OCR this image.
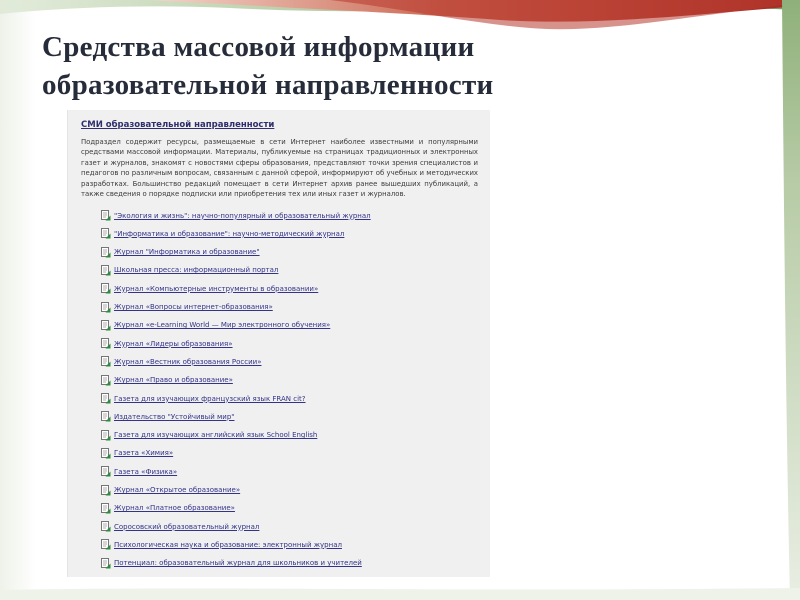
Средства массовой информации
образовательной направленности
СМИ образовательной направленности

Подраздел содержит ресурсы, размещаемые в сети Интернет наиболее известными и популярными средствами массовой информации. Материалы, публикуемые на страницах традиционных и электронных газет и журналов, знакомят с новостями сферы образования, представляют точки зрения специалистов и педагогов по различным вопросам, связанным с данной сферой, информируют об учебных и методических разработках. Большинство редакций помещает в сети Интернет архив ранее вышедших публикаций, а также сведения о порядке подписки или приобретения тех или иных газет и журналов.

"Экология и жизнь": научно-популярный и образовательный журнал
"Информатика и образование": научно-методический журнал
Журнал "Информатика и образование"
Школьная пресса: информационный портал
Журнал «Компьютерные инструменты в образовании»
Журнал «Вопросы интернет-образования»
Журнал «e-Learning World — Мир электронного обучения»
Журнал «Лидеры образования»
Журнал «Вестник образования России»
Журнал «Право и образование»
Газета для изучающих французский язык FRAN cit?
Издательство "Устойчивый мир"
Газета для изучающих английский язык School English
Газета «Химия»
Газета «Физика»
Журнал «Открытое образование»
Журнал «Платное образование»
Соросовский образовательный журнал
Психологическая наука и образование: электронный журнал
Потенциал: образовательный журнал для школьников и учителей
